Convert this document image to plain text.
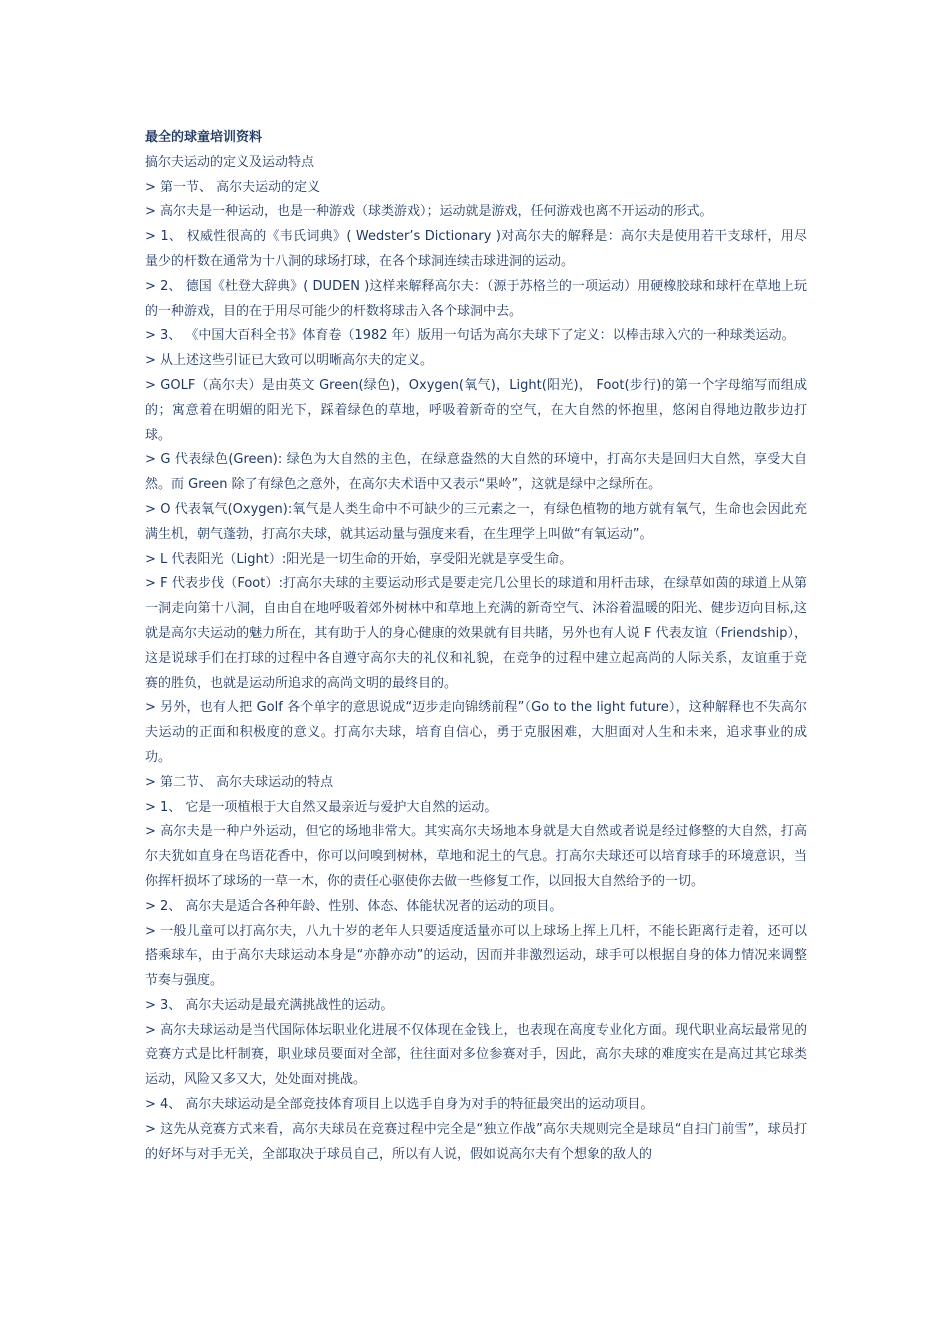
最全的球童培训资料

搞尔夫运动的定义及运动特点

> 第一节、 高尔夫运动的定义

> 高尔夫是一种运动，也是一种游戏（球类游戏）；运动就是游戏，任何游戏也离不开运动的形式。

> 1、 权威性很高的《韦氏词典》( Wedster’s Dictionary )对高尔夫的解释是：高尔夫是使用若干支球杆，用尽量少的杆数在通常为十八洞的球场打球，在各个球洞连续击球进洞的运动。

> 2、 德国《杜登大辞典》( DUDEN )这样来解释高尔夫：（源于苏格兰的一项运动）用硬橡胶球和球杆在草地上玩的一种游戏，目的在于用尽可能少的杆数将球击入各个球洞中去。

> 3、 《中国大百科全书》体育卷（1982 年）版用一句话为高尔夫球下了定义：以棒击球入穴的一种球类运动。

> 从上述这些引证已大致可以明晰高尔夫的定义。

> GOLF（高尔夫）是由英文 Green(绿色)，Oxygen(氧气)，Light(阳光)， Foot(步行)的第一个字母缩写而组成的；寓意着在明媚的阳光下，踩着绿色的草地，呼吸着新奇的空气，在大自然的怀抱里，悠闲自得地边散步边打球。

> G 代表绿色(Green): 绿色为大自然的主色，在绿意盎然的大自然的环境中，打高尔夫是回归大自然，享受大自然。而 Green 除了有绿色之意外，在高尔夫术语中又表示“果岭”，这就是绿中之绿所在。

> O 代表氧气(Oxygen):氧气是人类生命中不可缺少的三元素之一，有绿色植物的地方就有氧气，生命也会因此充满生机，朝气蓬勃，打高尔夫球，就其运动量与强度来看，在生理学上叫做“有氧运动”。

> L 代表阳光（Light）:阳光是一切生命的开始，享受阳光就是享受生命。

> F 代表步伐（Foot）:打高尔夫球的主要运动形式是要走完几公里长的球道和用杆击球，在绿草如茵的球道上从第一洞走向第十八洞，自由自在地呼吸着郊外树林中和草地上充满的新奇空气、沐浴着温暖的阳光、健步迈向目标,这就是高尔夫运动的魅力所在，其有助于人的身心健康的效果就有目共睹，另外也有人说 F 代表友谊（Friendship），这是说球手们在打球的过程中各自遵守高尔夫的礼仪和礼貌，在竞争的过程中建立起高尚的人际关系，友谊重于竞赛的胜负，也就是运动所追求的高尚文明的最终目的。

> 另外，也有人把 Golf 各个单字的意思说成“迈步走向锦绣前程”（Go to the light future），这种解释也不失高尔夫运动的正面和积极度的意义。打高尔夫球，培育自信心，勇于克服困难，大胆面对人生和未来，追求事业的成功。

> 第二节、 高尔夫球运动的特点

> 1、 它是一项植根于大自然又最亲近与爱护大自然的运动。

> 高尔夫是一种户外运动，但它的场地非常大。其实高尔夫场地本身就是大自然或者说是经过修整的大自然，打高尔夫犹如直身在鸟语花香中，你可以问嗅到树林，草地和泥土的气息。打高尔夫球还可以培育球手的环境意识，当你挥杆损坏了球场的一草一木，你的责任心驱使你去做一些修复工作，以回报大自然给予的一切。

> 2、 高尔夫是适合各种年龄、性别、体态、体能状况者的运动的项目。

> 一般儿童可以打高尔夫，八九十岁的老年人只要适度适量亦可以上球场上挥上几杆，不能长距离行走着，还可以搭乘球车，由于高尔夫球运动本身是“亦静亦动”的运动，因而并非激烈运动，球手可以根据自身的体力情况来调整节奏与强度。

> 3、 高尔夫运动是最充满挑战性的运动。

> 高尔夫球运动是当代国际体坛职业化进展不仅体现在金钱上，也表现在高度专业化方面。现代职业高坛最常见的竞赛方式是比杆制赛，职业球员要面对全部，往往面对多位参赛对手，因此，高尔夫球的难度实在是高过其它球类运动，风险又多又大，处处面对挑战。

> 4、 高尔夫球运动是全部竞技体育项目上以选手自身为对手的特征最突出的运动项目。

> 这先从竞赛方式来看，高尔夫球员在竞赛过程中完全是“独立作战”高尔夫规则完全是球员“自扫门前雪”，球员打的好坏与对手无关，全部取决于球员自己，所以有人说，假如说高尔夫有个想象的敌人的
